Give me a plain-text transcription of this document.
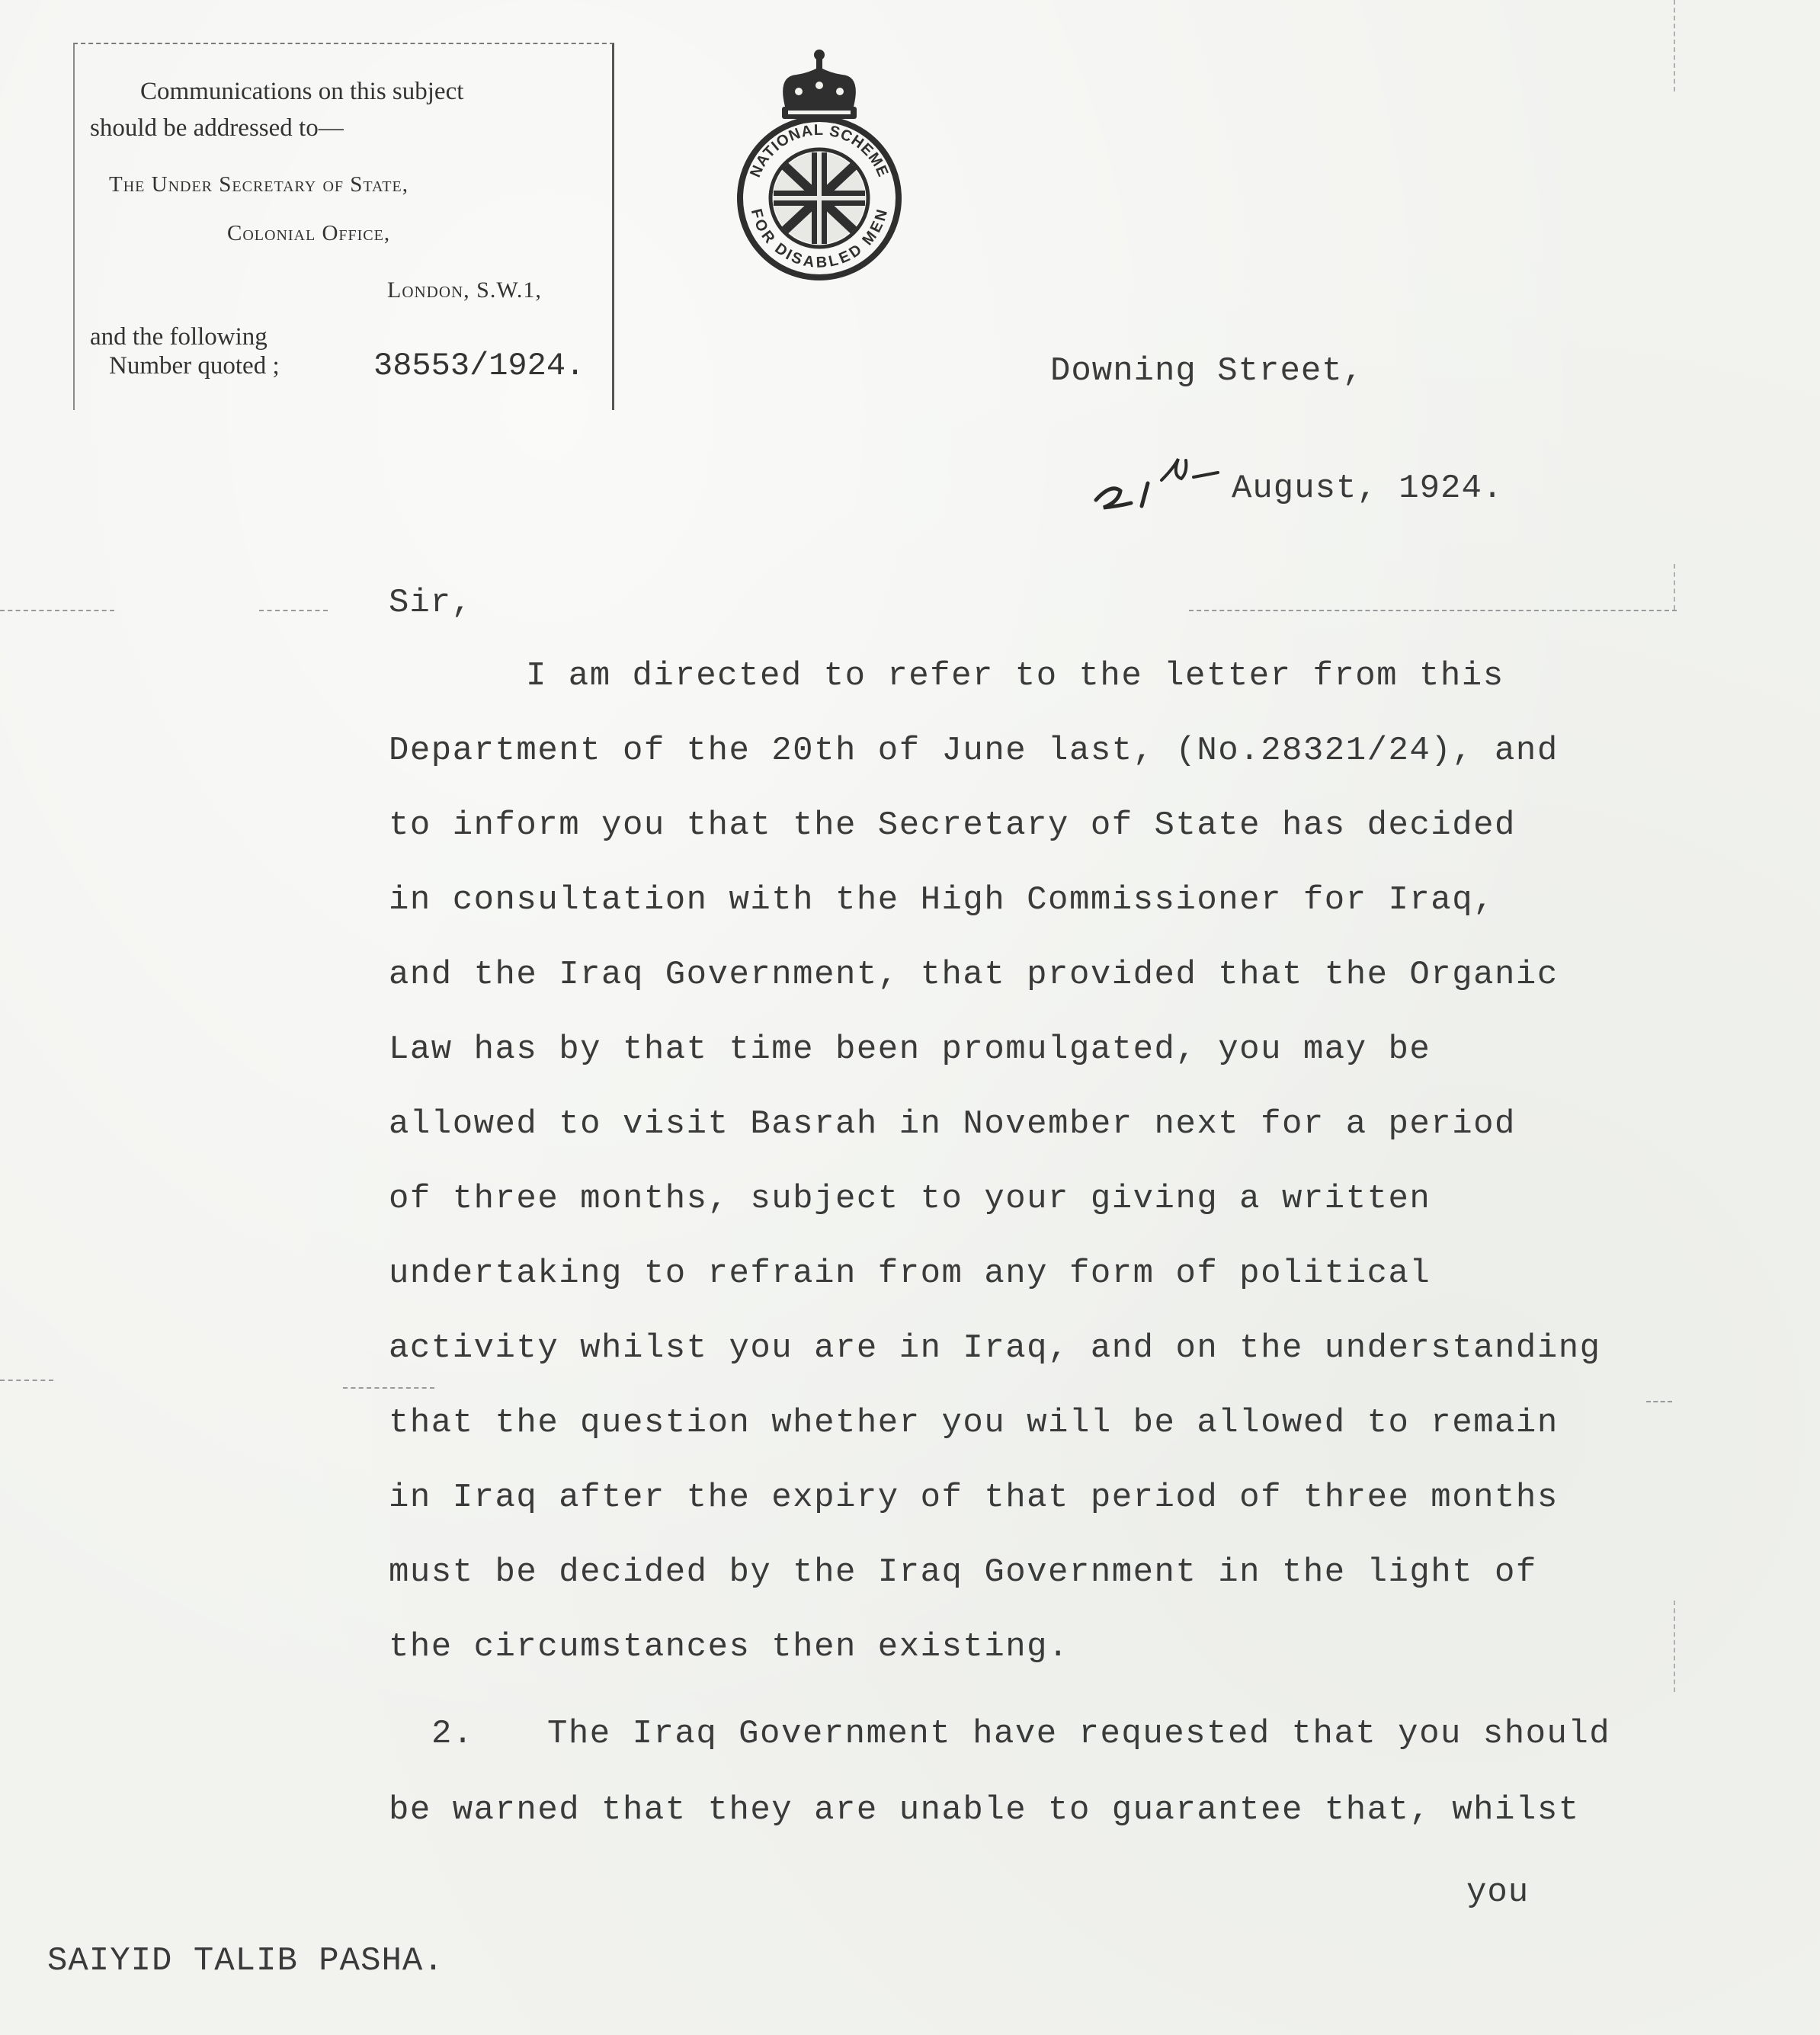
Communications on this subject
should be addressed to—
The Under Secretary of State,
Colonial Office,
London, S.W.1,
and the following
Number quoted ;	38553/1924.
NATIONAL SCHEME
FOR DISABLED MEN
Downing Street,
August, 1924.
Sir,
I am directed to refer to the letter from this
Department of the 20th of June last, (No.28321/24), and
to inform you that the Secretary of State has decided
in consultation with the High Commissioner for Iraq,
and the Iraq Government, that provided that the Organic
Law has by that time been promulgated, you may be
allowed to visit Basrah in November next for a period
of three months, subject to your giving a written
undertaking to refrain from any form of political
activity whilst you are in Iraq, and on the understanding
that the question whether you will be allowed to remain
in Iraq after the expiry of that period of three months
must be decided by the Iraq Government in the light of
the circumstances then existing.
2. The Iraq Government have requested that you should
be warned that they are unable to guarantee that, whilst
you
SAIYID TALIB PASHA.
